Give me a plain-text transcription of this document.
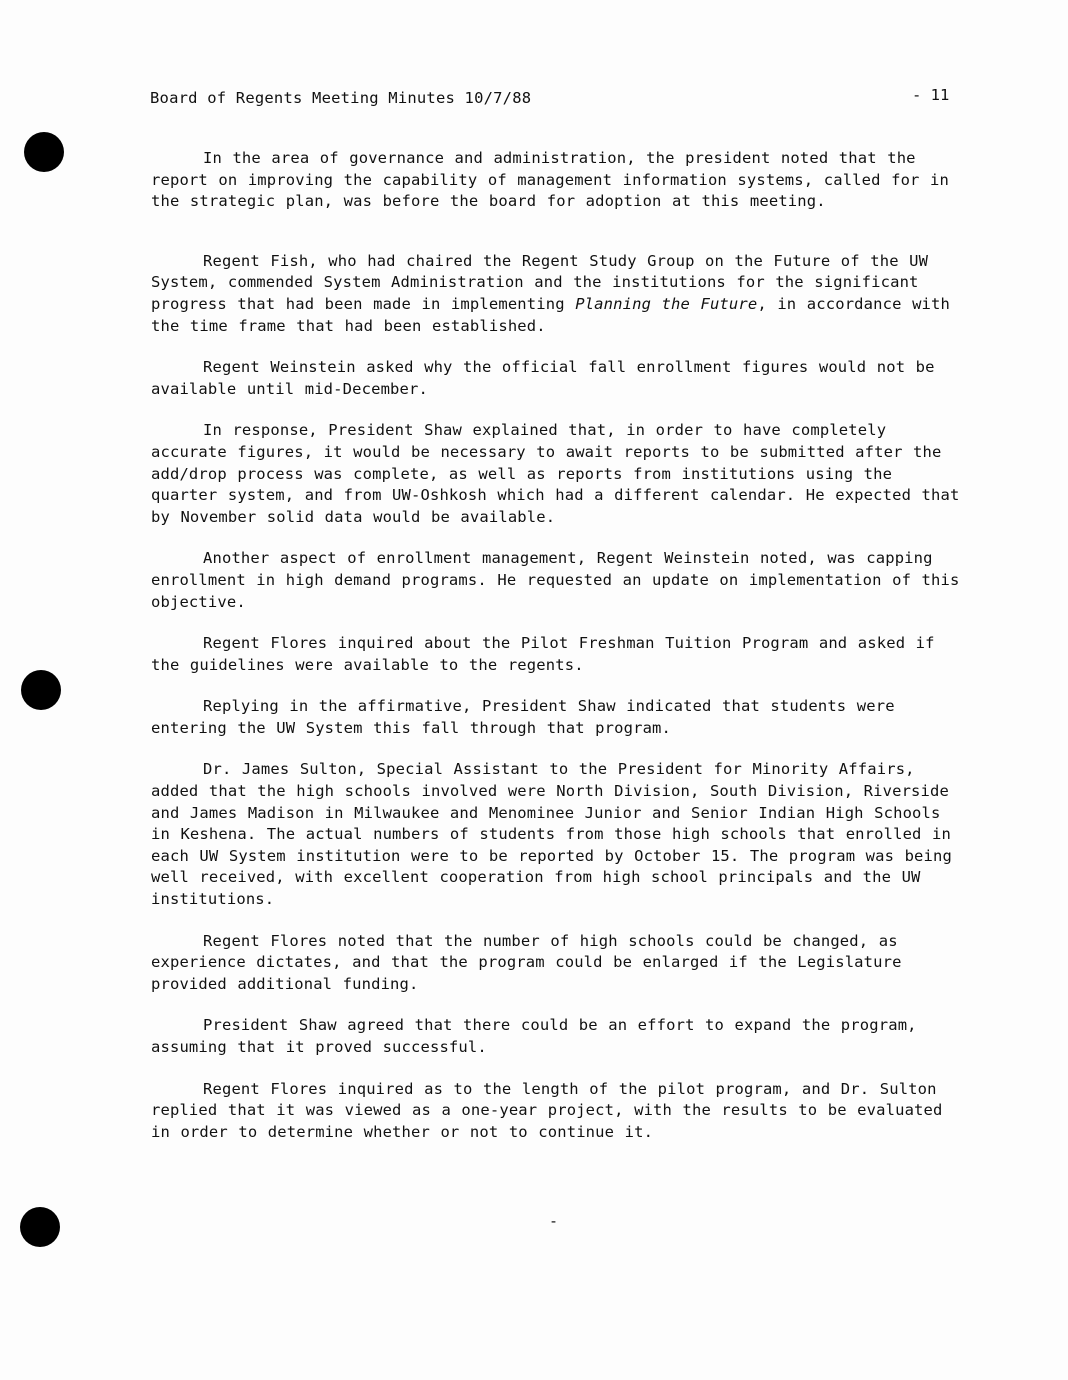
Board of Regents Meeting Minutes 10/7/88	- 11

In the area of governance and administration, the president noted that the report on improving the capability of management information systems, called for in the strategic plan, was before the board for adoption at this meeting.

Regent Fish, who had chaired the Regent Study Group on the Future of the UW System, commended System Administration and the institutions for the significant progress that had been made in implementing Planning the Future, in accordance with the time frame that had been established.

Regent Weinstein asked why the official fall enrollment figures would not be available until mid-December.

In response, President Shaw explained that, in order to have completely accurate figures, it would be necessary to await reports to be submitted after the add/drop process was complete, as well as reports from institutions using the quarter system, and from UW-Oshkosh which had a different calendar. He expected that by November solid data would be available.

Another aspect of enrollment management, Regent Weinstein noted, was capping enrollment in high demand programs. He requested an update on implementation of this objective.

Regent Flores inquired about the Pilot Freshman Tuition Program and asked if the guidelines were available to the regents.

Replying in the affirmative, President Shaw indicated that students were entering the UW System this fall through that program.

Dr. James Sulton, Special Assistant to the President for Minority Affairs, added that the high schools involved were North Division, South Division, Riverside and James Madison in Milwaukee and Menominee Junior and Senior Indian High Schools in Keshena. The actual numbers of students from those high schools that enrolled in each UW System institution were to be reported by October 15. The program was being well received, with excellent cooperation from high school principals and the UW institutions.

Regent Flores noted that the number of high schools could be changed, as experience dictates, and that the program could be enlarged if the Legislature provided additional funding.

President Shaw agreed that there could be an effort to expand the program, assuming that it proved successful.

Regent Flores inquired as to the length of the pilot program, and Dr. Sulton replied that it was viewed as a one-year project, with the results to be evaluated in order to determine whether or not to continue it.

-
